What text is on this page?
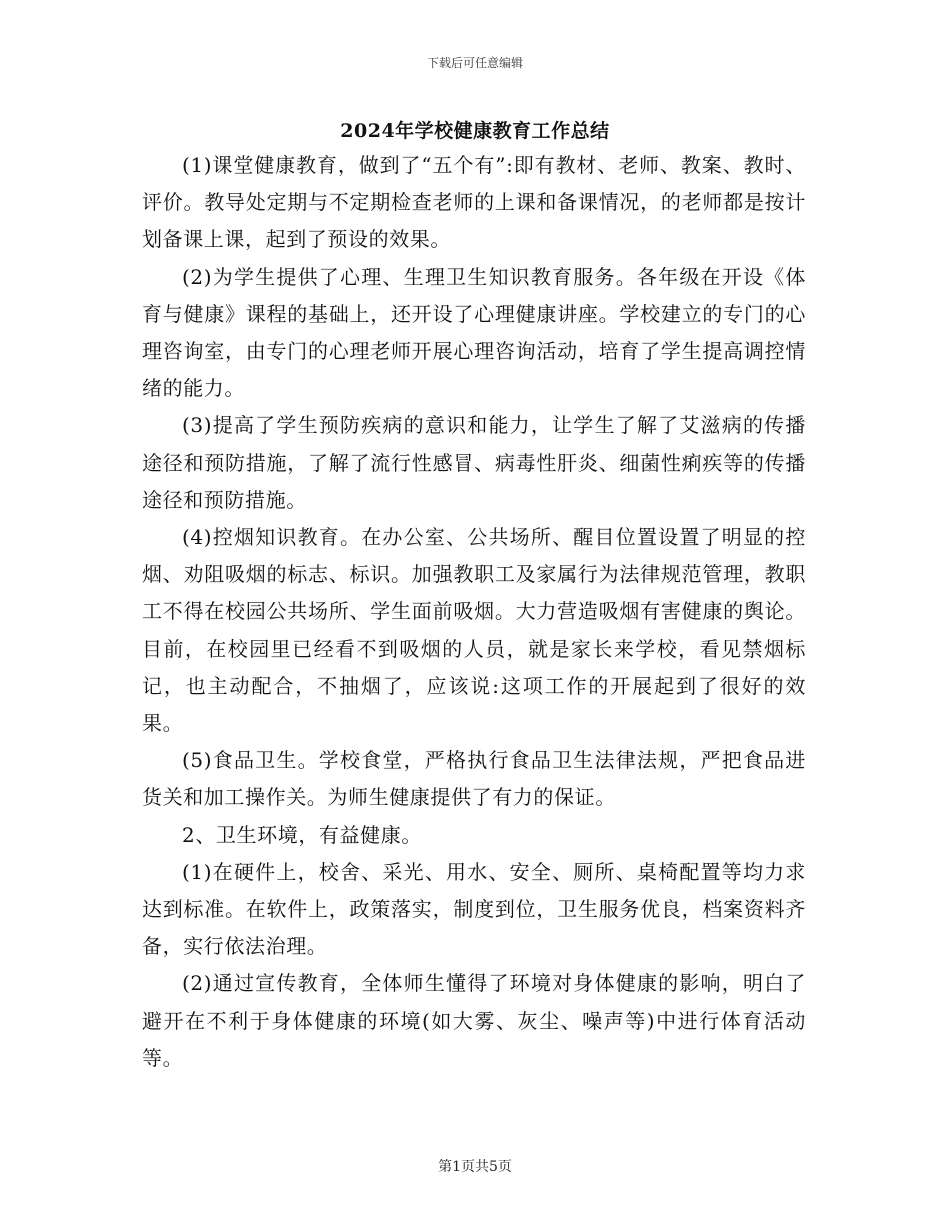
下载后可任意编辑
2024年学校健康教育工作总结

(1)课堂健康教育，做到了“五个有”:即有教材、老师、教案、教时、评价。教导处定期与不定期检查老师的上课和备课情况，的老师都是按计划备课上课，起到了预设的效果。

(2)为学生提供了心理、生理卫生知识教育服务。各年级在开设《体育与健康》课程的基础上，还开设了心理健康讲座。学校建立的专门的心理咨询室，由专门的心理老师开展心理咨询活动，培育了学生提高调控情绪的能力。

(3)提高了学生预防疾病的意识和能力，让学生了解了艾滋病的传播途径和预防措施，了解了流行性感冒、病毒性肝炎、细菌性痢疾等的传播途径和预防措施。

(4)控烟知识教育。在办公室、公共场所、醒目位置设置了明显的控烟、劝阻吸烟的标志、标识。加强教职工及家属行为法律规范管理，教职工不得在校园公共场所、学生面前吸烟。大力营造吸烟有害健康的舆论。目前，在校园里已经看不到吸烟的人员，就是家长来学校，看见禁烟标记，也主动配合，不抽烟了，应该说:这项工作的开展起到了很好的效果。

(5)食品卫生。学校食堂，严格执行食品卫生法律法规，严把食品进货关和加工操作关。为师生健康提供了有力的保证。

2、卫生环境，有益健康。

(1)在硬件上，校舍、采光、用水、安全、厕所、桌椅配置等均力求达到标准。在软件上，政策落实，制度到位，卫生服务优良，档案资料齐备，实行依法治理。

(2)通过宣传教育，全体师生懂得了环境对身体健康的影响，明白了避开在不利于身体健康的环境(如大雾、灰尘、噪声等)中进行体育活动等。

第1页共5页
